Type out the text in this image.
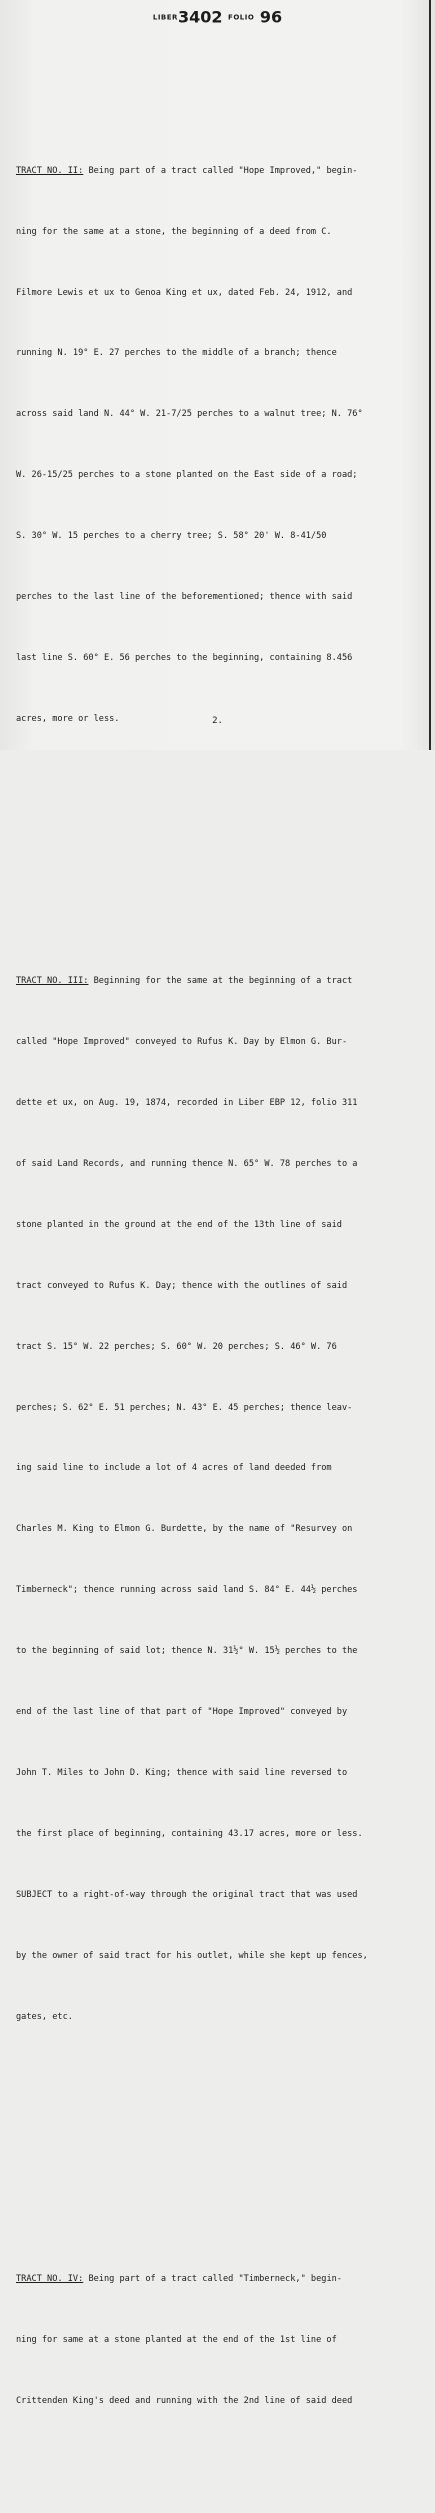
LIBER3402 FOLIO 96

TRACT NO. II: Being part of a tract called "Hope Improved," begin-

ning for the same at a stone, the beginning of a deed from C.

Filmore Lewis et ux to Genoa King et ux, dated Feb. 24, 1912, and

running N. 19° E. 27 perches to the middle of a branch; thence

across said land N. 44° W. 21-7/25 perches to a walnut tree; N. 76°

W. 26-15/25 perches to a stone planted on the East side of a road;

S. 30° W. 15 perches to a cherry tree; S. 58° 20' W. 8-41/50

perches to the last line of the beforementioned; thence with said

last line S. 60° E. 56 perches to the beginning, containing 8.456

acres, more or less.

TRACT NO. III: Beginning for the same at the beginning of a tract

called "Hope Improved" conveyed to Rufus K. Day by Elmon G. Bur-

dette et ux, on Aug. 19, 1874, recorded in Liber EBP 12, folio 311

of said Land Records, and running thence N. 65° W. 78 perches to a

stone planted in the ground at the end of the 13th line of said

tract conveyed to Rufus K. Day; thence with the outlines of said

tract S. 15° W. 22 perches; S. 60° W. 20 perches; S. 46° W. 76

perches; S. 62° E. 51 perches; N. 43° E. 45 perches; thence leav-

ing said line to include a lot of 4 acres of land deeded from

Charles M. King to Elmon G. Burdette, by the name of "Resurvey on

Timberneck"; thence running across said land S. 84° E. 44½ perches

to the beginning of said lot; thence N. 31½° W. 15½ perches to the

end of the last line of that part of "Hope Improved" conveyed by

John T. Miles to John D. King; thence with said line reversed to

the first place of beginning, containing 43.17 acres, more or less.

SUBJECT to a right-of-way through the original tract that was used

by the owner of said tract for his outlet, while she kept up fences,

gates, etc.

TRACT NO. IV: Being part of a tract called "Timberneck," begin-

ning for same at a stone planted at the end of the 1st line of

Crittenden King's deed and running with the 2nd line of said deed

2.
